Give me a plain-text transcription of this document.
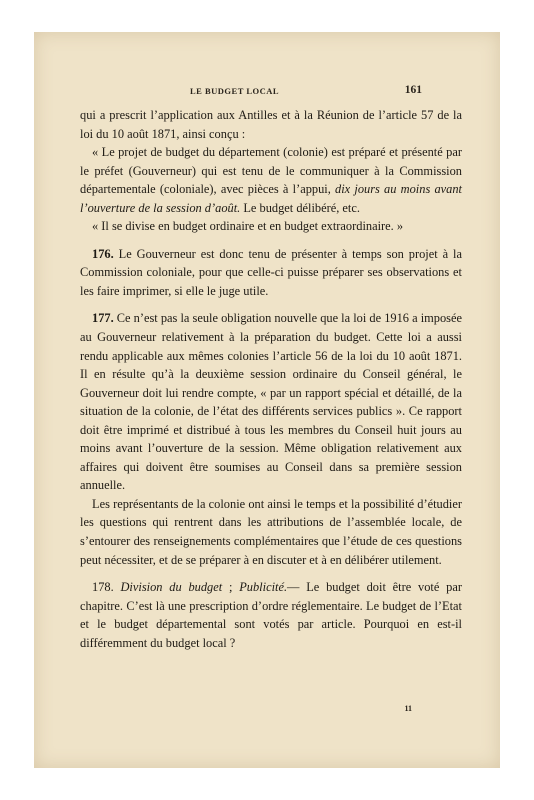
LE BUDGET LOCAL	161

qui a prescrit l’application aux Antilles et à la Réunion de l’article 57 de la loi du 10 août 1871, ainsi conçu :

« Le projet de budget du département (colonie) est préparé et présenté par le préfet (Gouverneur) qui est tenu de le communiquer à la Commission départementale (coloniale), avec pièces à l’appui, dix jours au moins avant l’ouverture de la session d’août. Le budget délibéré, etc.

« Il se divise en budget ordinaire et en budget extraordinaire. »

176. Le Gouverneur est donc tenu de présenter à temps son projet à la Commission coloniale, pour que celle-ci puisse préparer ses observations et les faire imprimer, si elle le juge utile.

177. Ce n’est pas la seule obligation nouvelle que la loi de 1916 a imposée au Gouverneur relativement à la préparation du budget. Cette loi a aussi rendu applicable aux mêmes colonies l’article 56 de la loi du 10 août 1871. Il en résulte qu’à la deuxième session ordinaire du Conseil général, le Gouverneur doit lui rendre compte, « par un rapport spécial et détaillé, de la situation de la colonie, de l’état des différents services publics ». Ce rapport doit être imprimé et distribué à tous les membres du Conseil huit jours au moins avant l’ouverture de la session. Même obligation relativement aux affaires qui doivent être soumises au Conseil dans sa première session annuelle.

Les représentants de la colonie ont ainsi le temps et la possibilité d’étudier les questions qui rentrent dans les attributions de l’assemblée locale, de s’entourer des renseignements complémentaires que l’étude de ces questions peut nécessiter, et de se préparer à en discuter et à en délibérer utilement.

178. Division du budget ; Publicité.— Le budget doit être voté par chapitre. C’est là une prescription d’ordre réglementaire. Le budget de l’Etat et le budget départemental sont votés par article. Pourquoi en est-il différemment du budget local ?

11
